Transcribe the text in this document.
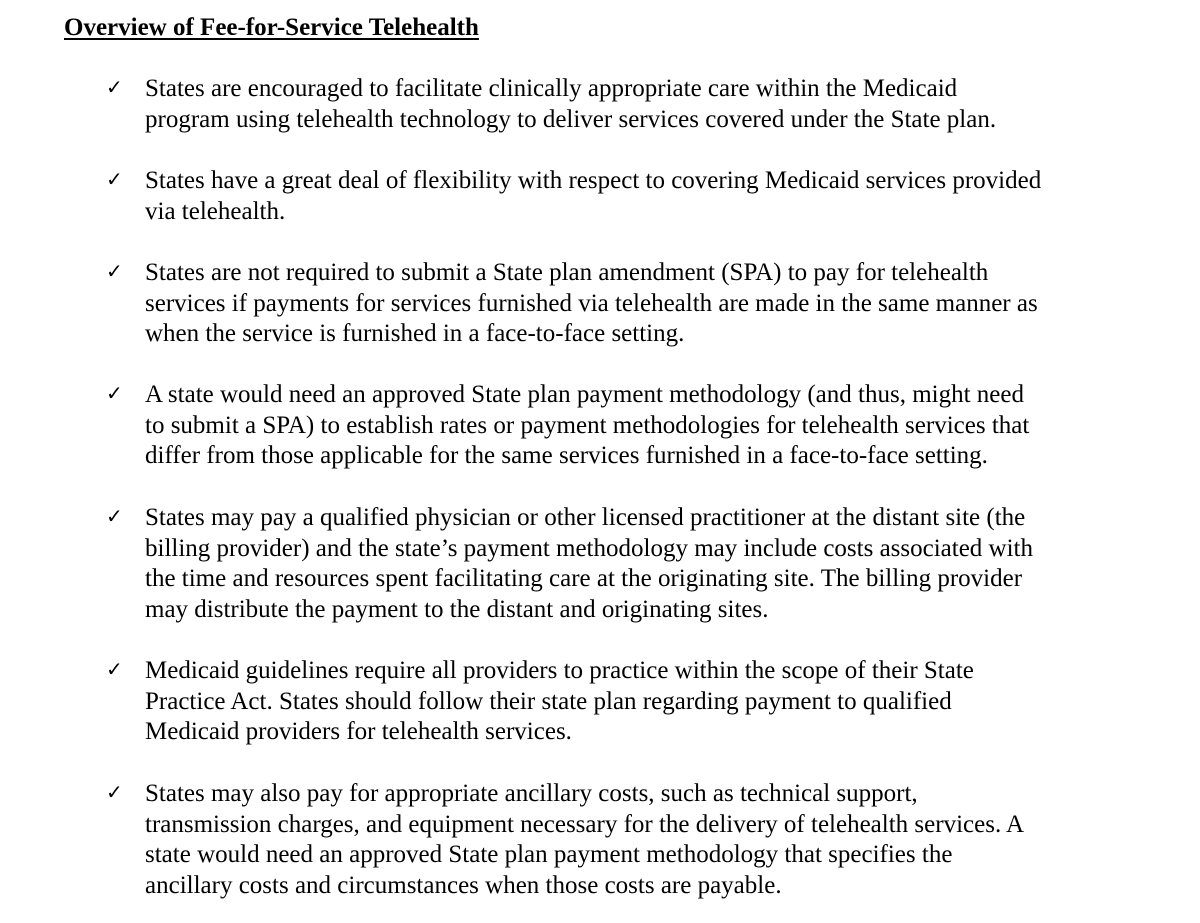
Overview of Fee-for-Service Telehealth
✓ States are encouraged to facilitate clinically appropriate care within the Medicaid
program using telehealth technology to deliver services covered under the State plan.
✓ States have a great deal of flexibility with respect to covering Medicaid services provided
via telehealth.
✓ States are not required to submit a State plan amendment (SPA) to pay for telehealth
services if payments for services furnished via telehealth are made in the same manner as
when the service is furnished in a face-to-face setting.
✓ A state would need an approved State plan payment methodology (and thus, might need
to submit a SPA) to establish rates or payment methodologies for telehealth services that
differ from those applicable for the same services furnished in a face-to-face setting.
✓ States may pay a qualified physician or other licensed practitioner at the distant site (the
billing provider) and the state’s payment methodology may include costs associated with
the time and resources spent facilitating care at the originating site. The billing provider
may distribute the payment to the distant and originating sites.
✓ Medicaid guidelines require all providers to practice within the scope of their State
Practice Act. States should follow their state plan regarding payment to qualified
Medicaid providers for telehealth services.
✓ States may also pay for appropriate ancillary costs, such as technical support,
transmission charges, and equipment necessary for the delivery of telehealth services. A
state would need an approved State plan payment methodology that specifies the
ancillary costs and circumstances when those costs are payable.
